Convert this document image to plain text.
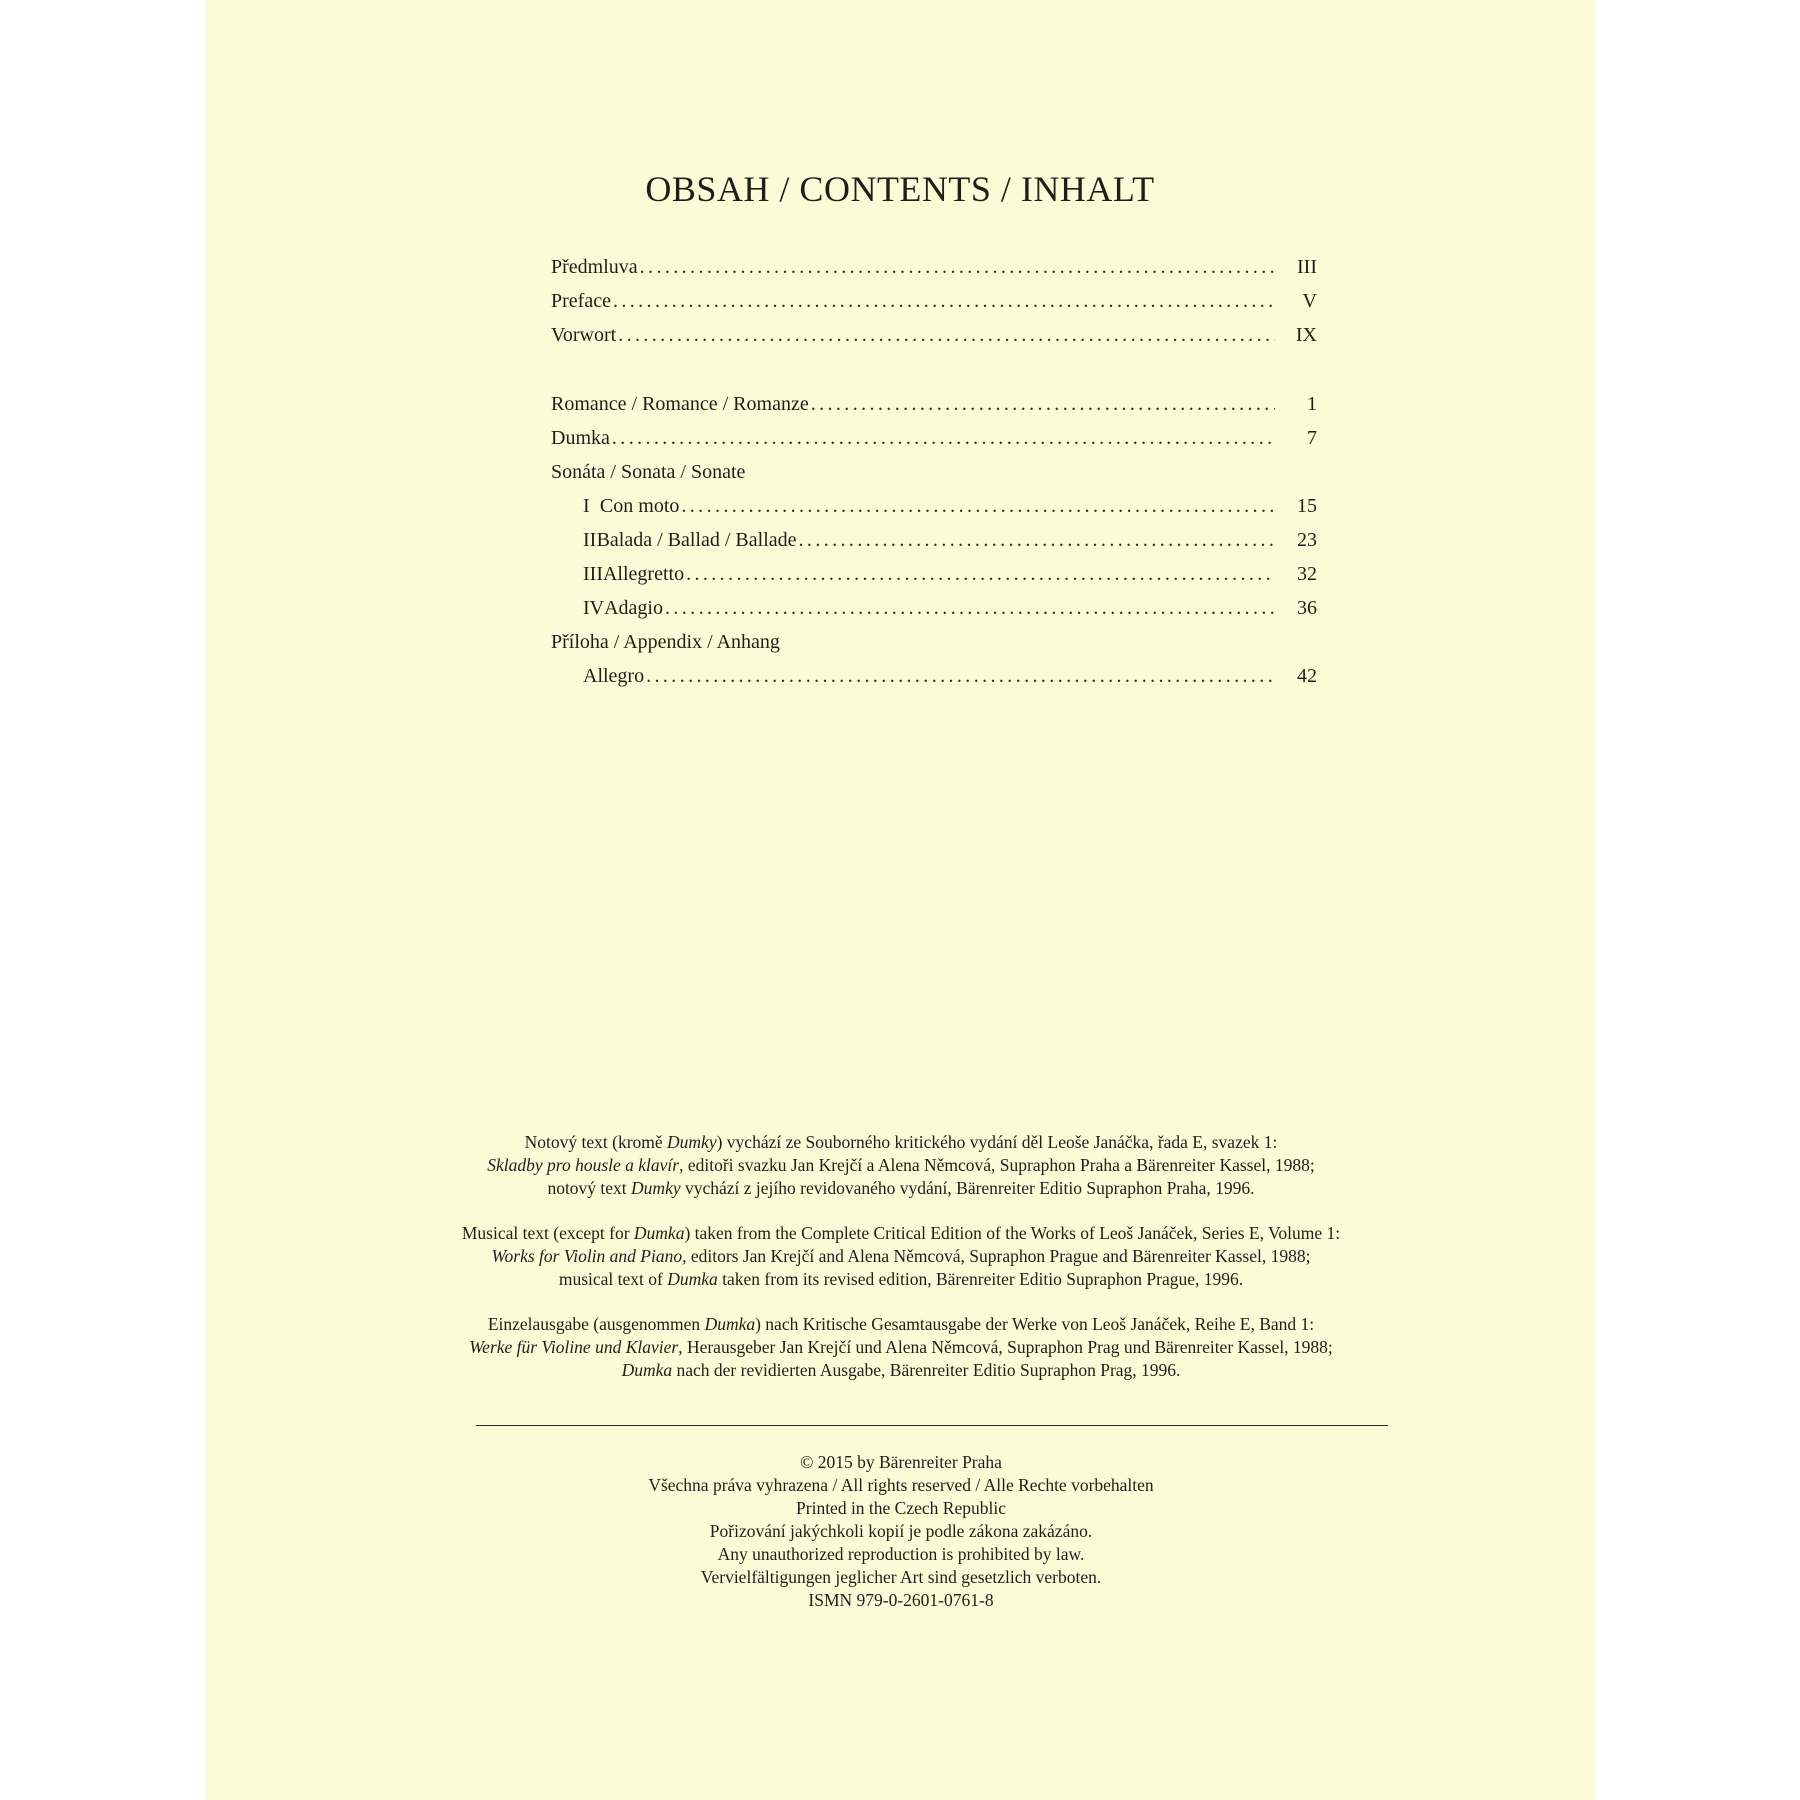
OBSAH / CONTENTS / INHALT
Předmluva .....	III
Preface .....	V
Vorwort .....	IX
Romance / Romance / Romanze .....	1
Dumka .....	7
Sonáta / Sonata / Sonate
I Con moto .....	15
II Balada / Ballad / Ballade .....	23
III Allegretto .....	32
IV Adagio .....	36
Příloha / Appendix / Anhang
Allegro .....	42
Notový text (kromě Dumky) vychází ze Souborného kritického vydání děl Leoše Janáčka, řada E, svazek 1:
Skladby pro housle a klavír, editoři svazku Jan Krejčí a Alena Němcová, Supraphon Praha a Bärenreiter Kassel, 1988;
notový text Dumky vychází z jejího revidovaného vydání, Bärenreiter Editio Supraphon Praha, 1996.
Musical text (except for Dumka) taken from the Complete Critical Edition of the Works of Leoš Janáček, Series E, Volume 1:
Works for Violin and Piano, editors Jan Krejčí and Alena Němcová, Supraphon Prague and Bärenreiter Kassel, 1988;
musical text of Dumka taken from its revised edition, Bärenreiter Editio Supraphon Prague, 1996.
Einzelausgabe (ausgenommen Dumka) nach Kritische Gesamtausgabe der Werke von Leoš Janáček, Reihe E, Band 1:
Werke für Violine und Klavier, Herausgeber Jan Krejčí und Alena Němcová, Supraphon Prag und Bärenreiter Kassel, 1988;
Dumka nach der revidierten Ausgabe, Bärenreiter Editio Supraphon Prag, 1996.
© 2015 by Bärenreiter Praha
Všechna práva vyhrazena / All rights reserved / Alle Rechte vorbehalten
Printed in the Czech Republic
Pořizování jakýchkoli kopií je podle zákona zakázáno.
Any unauthorized reproduction is prohibited by law.
Vervielfältigungen jeglicher Art sind gesetzlich verboten.
ISMN 979-0-2601-0761-8
